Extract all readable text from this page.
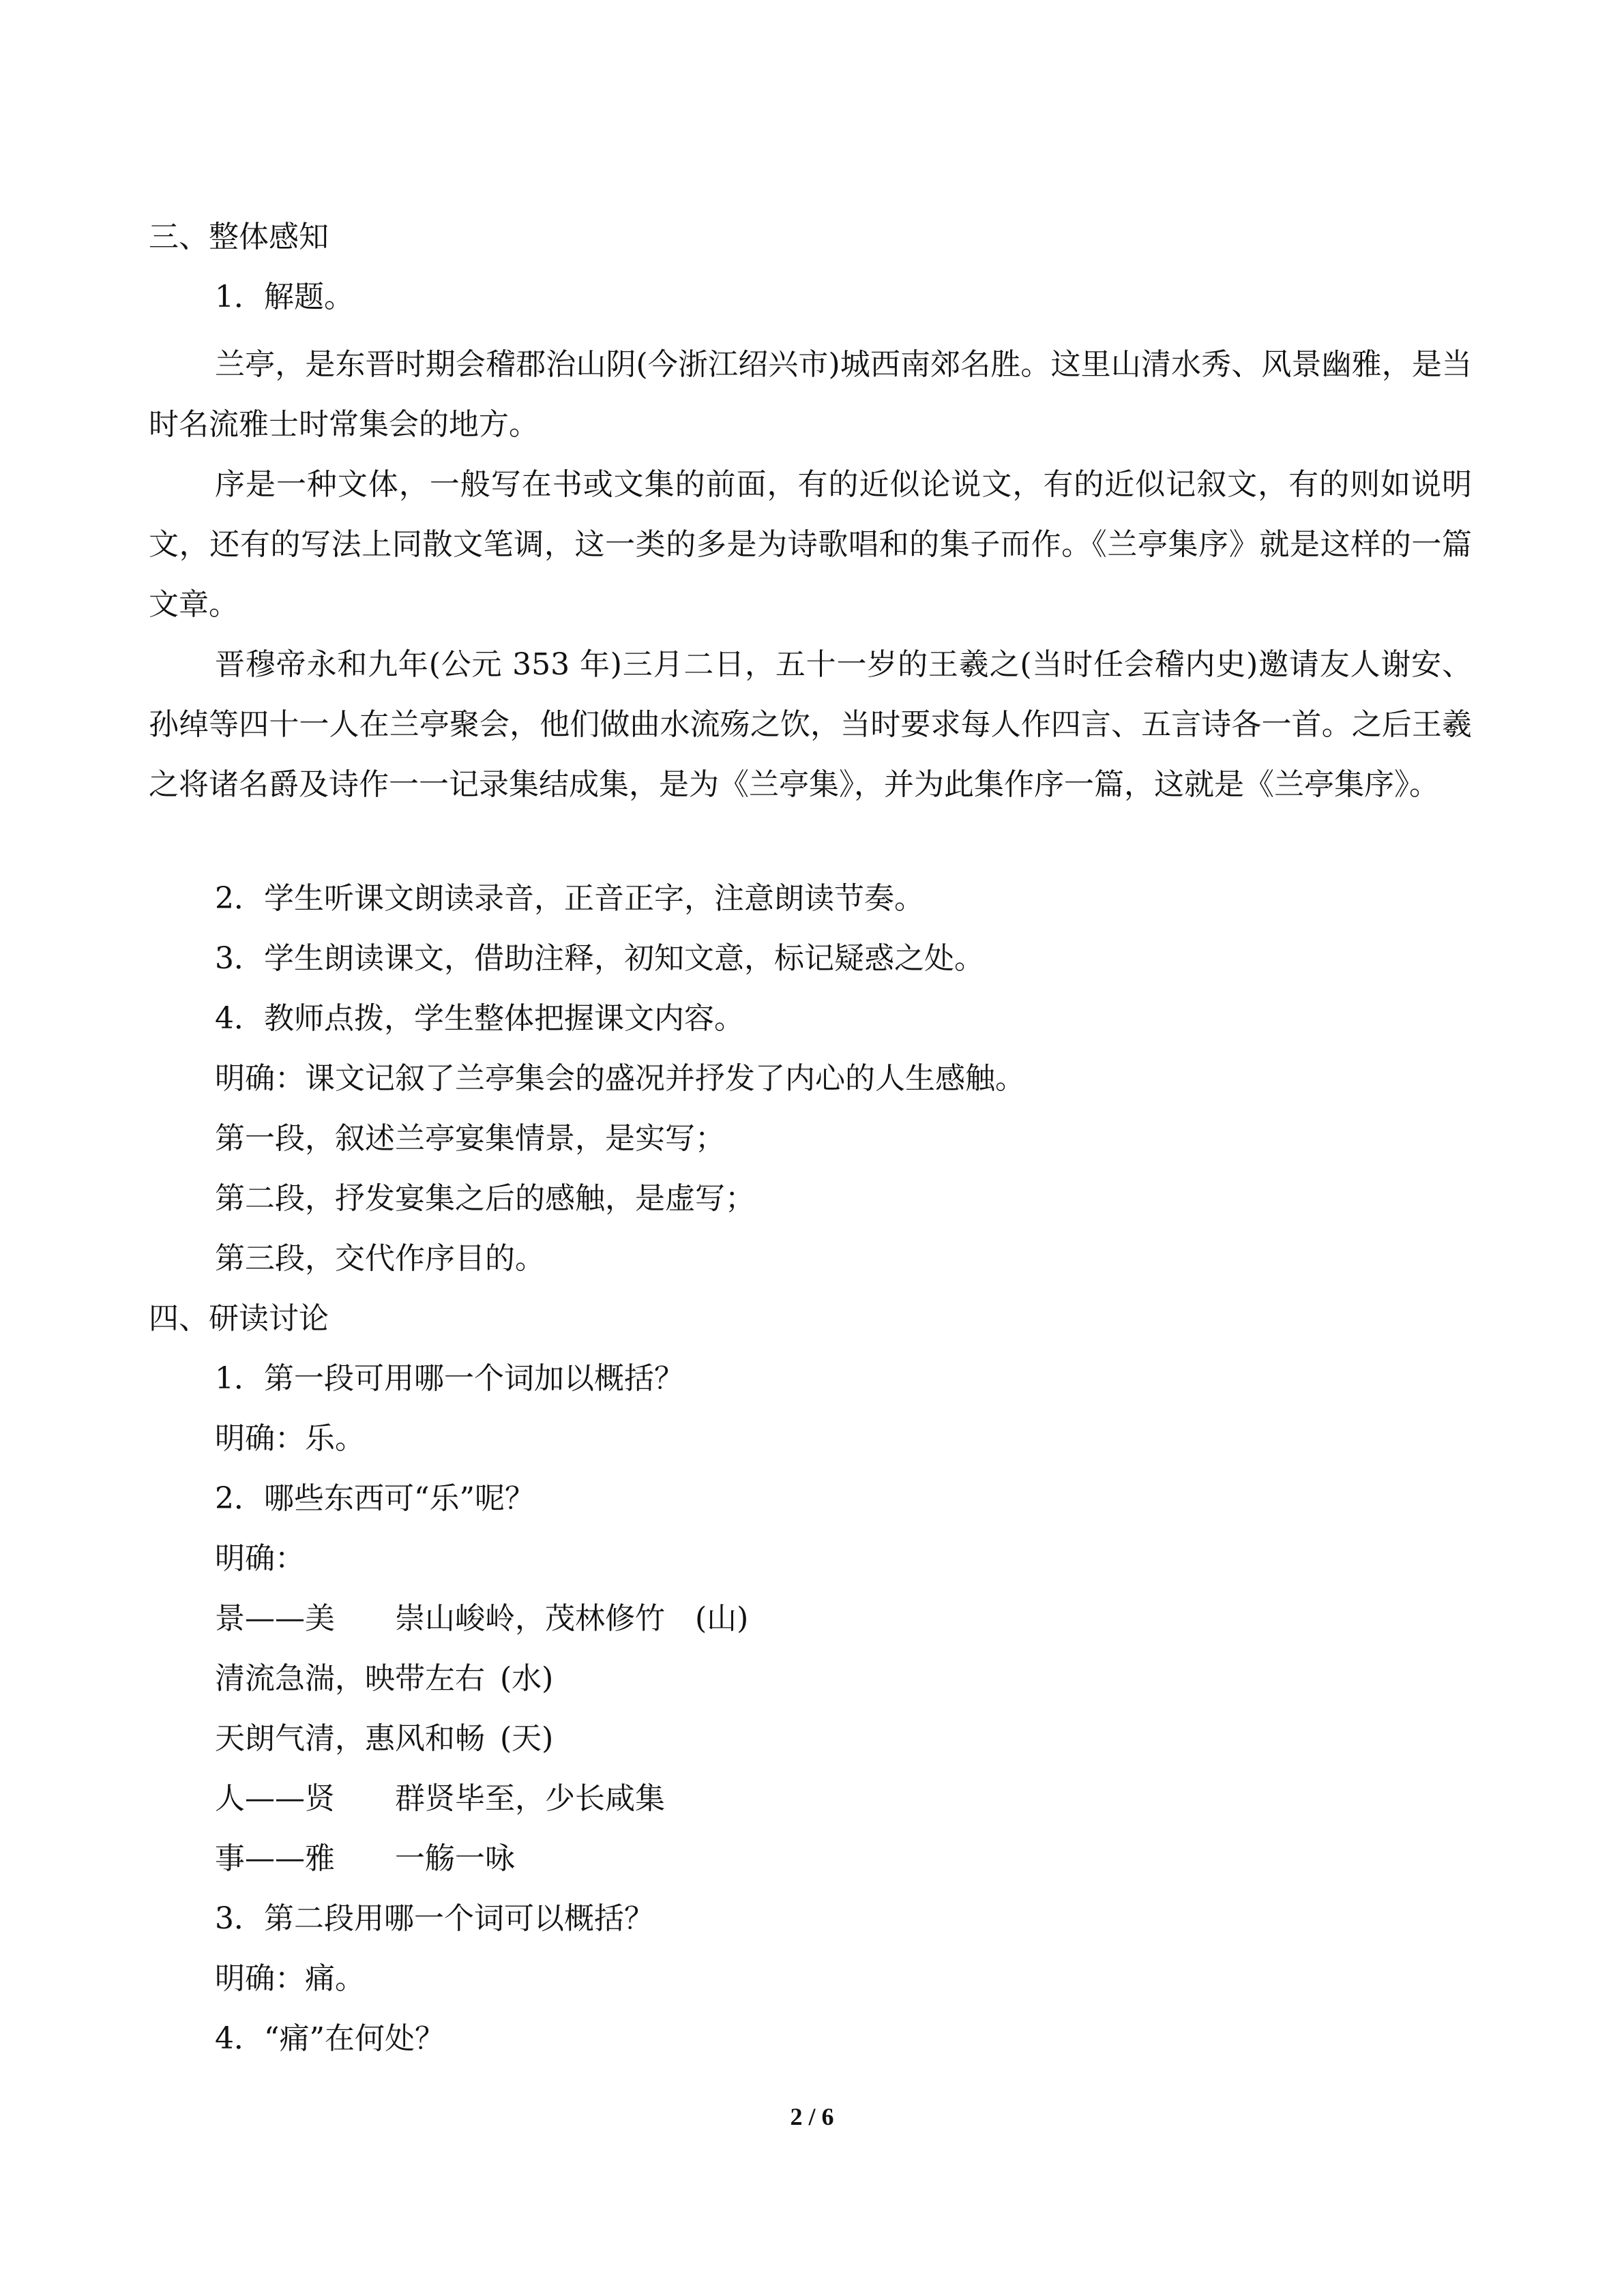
三、整体感知
1．解题。
兰亭，是东晋时期会稽郡治山阴(今浙江绍兴市)城西南郊名胜。这里山清水秀、风景幽雅，是当时名流雅士时常集会的地方。
序是一种文体，一般写在书或文集的前面，有的近似论说文，有的近似记叙文，有的则如说明文，还有的写法上同散文笔调，这一类的多是为诗歌唱和的集子而作。《兰亭集序》就是这样的一篇文章。
晋穆帝永和九年(公元 353 年)三月二日，五十一岁的王羲之(当时任会稽内史)邀请友人谢安、孙绰等四十一人在兰亭聚会，他们做曲水流殇之饮，当时要求每人作四言、五言诗各一首。之后王羲之将诸名爵及诗作一一记录集结成集，是为《兰亭集》，并为此集作序一篇，这就是《兰亭集序》。
2．学生听课文朗读录音，正音正字，注意朗读节奏。
3．学生朗读课文，借助注释，初知文意，标记疑惑之处。
4．教师点拨，学生整体把握课文内容。
明确：课文记叙了兰亭集会的盛况并抒发了内心的人生感触。
第一段，叙述兰亭宴集情景，是实写；
第二段，抒发宴集之后的感触，是虚写；
第三段，交代作序目的。
四、研读讨论
1．第一段可用哪一个词加以概括？
明确：乐。
2．哪些东西可“乐”呢？
明确：
景——美 崇山峻岭，茂林修竹 (山)
清流急湍，映带左右 (水)
天朗气清，惠风和畅 (天)
人——贤 群贤毕至，少长咸集
事——雅 一觞一咏
3．第二段用哪一个词可以概括？
明确：痛。
4．“痛”在何处？
2 / 6
